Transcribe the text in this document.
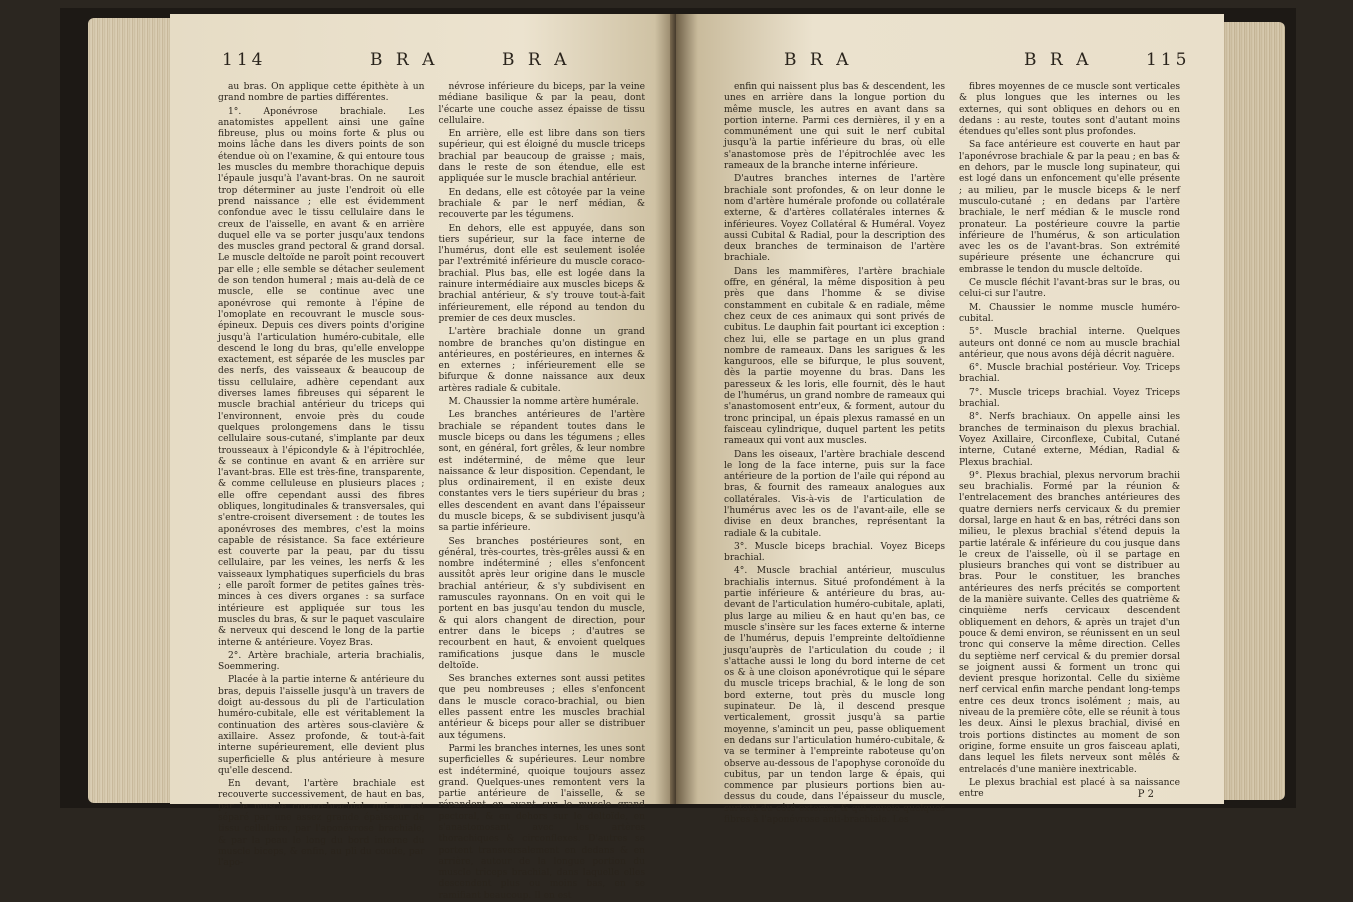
114	B R A	B R A

au bras. On applique cette épithète à un grand nombre de parties différentes.

1°. Aponévrose brachiale. Les anatomistes appellent ainsi une gaîne fibreuse, plus ou moins forte & plus ou moins lâche dans les divers points de son étendue où on l'examine, & qui entoure tous les muscles du membre thorachique depuis l'épaule jusqu'à l'avant-bras. On ne sauroit trop déterminer au juste l'endroit où elle prend naissance ; elle est évidemment confondue avec le tissu cellulaire dans le creux de l'aisselle, en avant & en arrière duquel elle va se porter jusqu'aux tendons des muscles grand pectoral & grand dorsal. Le muscle deltoïde ne paroît point recouvert par elle ; elle semble se détacher seulement de son tendon humeral ; mais au-delà de ce muscle, elle se continue avec une aponévrose qui remonte à l'épine de l'omoplate en recouvrant le muscle sous-épineux. Depuis ces divers points d'origine jusqu'à l'articulation huméro-cubitale, elle descend le long du bras, qu'elle enveloppe exactement, est séparée de les muscles par des nerfs, des vaisseaux & beaucoup de tissu cellulaire, adhère cependant aux diverses lames fibreuses qui séparent le muscle brachial antérieur du triceps qui l'environnent, envoie près du coude quelques prolongemens dans le tissu cellulaire sous-cutané, s'implante par deux trousseaux à l'épicondyle & à l'épitrochlée, & se continue en avant & en arrière sur l'avant-bras. Elle est très-fine, transparente, & comme celluleuse en plusieurs places ; elle offre cependant aussi des fibres obliques, longitudinales & transversales, qui s'entre-croisent diversement : de toutes les aponévroses des membres, c'est la moins capable de résistance. Sa face extérieure est couverte par la peau, par du tissu cellulaire, par les veines, les nerfs & les vaisseaux lymphatiques superficiels du bras ; elle paroît former de petites gaînes très-minces à ces divers organes : sa surface intérieure est appliquée sur tous les muscles du bras, & sur le paquet vasculaire & nerveux qui descend le long de la partie interne & antérieure. Voyez Bras.

2°. Artère brachiale, arteria brachialis, Soemmering.

Placée à la partie interne & antérieure du bras, depuis l'aisselle jusqu'à un travers de doigt au-dessous du pli de l'articulation huméro-cubitale, elle est véritablement la continuation des artères sous-clavière & axillaire. Assez profonde, & tout-à-fait interne supérieurement, elle devient plus superficielle & plus antérieure à mesure qu'elle descend.

En devant, l'artère brachiale est recouverte successivement, de haut en bas, par le muscle coraco-brachial, qui en est séparé par une assez grande épaisseur de tissu cellulaire, par l'aponévrose brachiale, & par la peau le long du bord interne du muscle biceps, & enfin, au pli du coude, par l'apo-

névrose inférieure du biceps, par la veine médiane basilique & par la peau, dont l'écarte une couche assez épaisse de tissu cellulaire.

En arrière, elle est libre dans son tiers supérieur, qui est éloigné du muscle triceps brachial par beaucoup de graisse ; mais, dans le reste de son étendue, elle est appliquée sur le muscle brachial antérieur.

En dedans, elle est côtoyée par la veine brachiale & par le nerf médian, & recouverte par les tégumens.

En dehors, elle est appuyée, dans son tiers supérieur, sur la face interne de l'humérus, dont elle est seulement isolée par l'extrémité inférieure du muscle coraco-brachial. Plus bas, elle est logée dans la rainure intermédiaire aux muscles biceps & brachial antérieur, & s'y trouve tout-à-fait inférieurement, elle répond au tendon du premier de ces deux muscles.

L'artère brachiale donne un grand nombre de branches qu'on distingue en antérieures, en postérieures, en internes & en externes ; inférieurement elle se bifurque & donne naissance aux deux artères radiale & cubitale.

M. Chaussier la nomme artère humérale.

Les branches antérieures de l'artère brachiale se répandent toutes dans le muscle biceps ou dans les tégumens ; elles sont, en général, fort grêles, & leur nombre est indéterminé, de même que leur naissance & leur disposition. Cependant, le plus ordinairement, il en existe deux constantes vers le tiers supérieur du bras ; elles descendent en avant dans l'épaisseur du muscle biceps, & se subdivisent jusqu'à sa partie inférieure.

Ses branches postérieures sont, en général, très-courtes, très-grêles aussi & en nombre indéterminé ; elles s'enfoncent aussitôt après leur origine dans le muscle brachial antérieur, & s'y subdivisent en ramuscules rayonnans. On en voit qui le portent en bas jusqu'au tendon du muscle, & qui alors changent de direction, pour entrer dans le biceps ; d'autres se recourbent en haut, & envoient quelques ramifications jusque dans le muscle deltoïde.

Ses branches externes sont aussi petites que peu nombreuses ; elles s'enfoncent dans le muscle coraco-brachial, ou bien elles passent entre les muscles brachial antérieur & biceps pour aller se distribuer aux tégumens.

Parmi les branches internes, les unes sont superficielles & supérieures. Leur nombre est indéterminé, quoique toujours assez grand. Quelques-unes remontent vers la partie antérieure de l'aisselle, & se répandent en avant sur le muscle grand pectoral, & en dehors sur le deltoïde, en s'anastomosant avec les artères thorachiques & circonflexes. D'autres se portent transversalement en dedans & en arrière, autour de la longue portion du muscle triceps brachial, dans laquelle elles descendent plus ou moins bas, en se ramifiant beaucoup. Il en est

B R A	B R A	115

enfin qui naissent plus bas & descendent, les unes en arrière dans la longue portion du même muscle, les autres en avant dans sa portion interne. Parmi ces dernières, il y en a communément une qui suit le nerf cubital jusqu'à la partie inférieure du bras, où elle s'anastomose près de l'épitrochlée avec les rameaux de la branche interne inférieure.

D'autres branches internes de l'artère brachiale sont profondes, & on leur donne le nom d'artère humérale profonde ou collatérale externe, & d'artères collatérales internes & inférieures. Voyez Collatéral & Huméral. Voyez aussi Cubital & Radial, pour la description des deux branches de terminaison de l'artère brachiale.

Dans les mammifères, l'artère brachiale offre, en général, la même disposition à peu près que dans l'homme & se divise constamment en cubitale & en radiale, même chez ceux de ces animaux qui sont privés de cubitus. Le dauphin fait pourtant ici exception : chez lui, elle se partage en un plus grand nombre de rameaux. Dans les sarigues & les kanguroos, elle se bifurque, le plus souvent, dès la partie moyenne du bras. Dans les paresseux & les loris, elle fournit, dès le haut de l'humérus, un grand nombre de rameaux qui s'anastomosent entr'eux, & forment, autour du tronc principal, un épais plexus ramassé en un faisceau cylindrique, duquel partent les petits rameaux qui vont aux muscles.

Dans les oiseaux, l'artère brachiale descend le long de la face interne, puis sur la face antérieure de la portion de l'aile qui répond au bras, & fournit des rameaux analogues aux collatérales. Vis-à-vis de l'articulation de l'humérus avec les os de l'avant-aile, elle se divise en deux branches, représentant la radiale & la cubitale.

3°. Muscle biceps brachial. Voyez Biceps brachial.

4°. Muscle brachial antérieur, musculus brachialis internus. Situé profondément à la partie inférieure & antérieure du bras, au-devant de l'articulation huméro-cubitale, aplati, plus large au milieu & en haut qu'en bas, ce muscle s'insère sur les faces externe & interne de l'humérus, depuis l'empreinte deltoïdienne jusqu'auprès de l'articulation du coude ; il s'attache aussi le long du bord interne de cet os & à une cloison aponévrotique qui le sépare du muscle triceps brachial, & le long de son bord externe, tout près du muscle long supinateur. De là, il descend presque verticalement, grossit jusqu'à sa partie moyenne, s'amincit un peu, passe obliquement en dedans sur l'articulation huméro-cubitale, & va se terminer à l'empreinte raboteuse qu'on observe au-dessous de l'apophyse coronoïde du cubitus, par un tendon large & épais, qui commence par plusieurs portions bien au-dessus du coude, dans l'épaisseur du muscle, surtout du côté externe, & qui envoie quelques fibres à l'aponévrose anti-brachiale. Les

fibres moyennes de ce muscle sont verticales & plus longues que les internes ou les externes, qui sont obliques en dehors ou en dedans : au reste, toutes sont d'autant moins étendues qu'elles sont plus profondes.

Sa face antérieure est couverte en haut par l'aponévrose brachiale & par la peau ; en bas & en dehors, par le muscle long supinateur, qui est logé dans un enfoncement qu'elle présente ; au milieu, par le muscle biceps & le nerf musculo-cutané ; en dedans par l'artère brachiale, le nerf médian & le muscle rond pronateur. La postérieure couvre la partie inférieure de l'humérus, & son articulation avec les os de l'avant-bras. Son extrémité supérieure présente une échancrure qui embrasse le tendon du muscle deltoïde.

Ce muscle fléchit l'avant-bras sur le bras, ou celui-ci sur l'autre.

M. Chaussier le nomme muscle huméro-cubital.

5°. Muscle brachial interne. Quelques auteurs ont donné ce nom au muscle brachial antérieur, que nous avons déjà décrit naguère.

6°. Muscle brachial postérieur. Voy. Triceps brachial.

7°. Muscle triceps brachial. Voyez Triceps brachial.

8°. Nerfs brachiaux. On appelle ainsi les branches de terminaison du plexus brachial. Voyez Axillaire, Circonflexe, Cubital, Cutané interne, Cutané externe, Médian, Radial & Plexus brachial.

9°. Plexus brachial, plexus nervorum brachii seu brachialis. Formé par la réunion & l'entrelacement des branches antérieures des quatre derniers nerfs cervicaux & du premier dorsal, large en haut & en bas, rétréci dans son milieu, le plexus brachial s'étend depuis la partie latérale & inférieure du cou jusque dans le creux de l'aisselle, où il se partage en plusieurs branches qui vont se distribuer au bras. Pour le constituer, les branches antérieures des nerfs précités se comportent de la manière suivante. Celles des quatrième & cinquième nerfs cervicaux descendent obliquement en dehors, & après un trajet d'un pouce & demi environ, se réunissent en un seul tronc qui conserve la même direction. Celles du septième nerf cervical & du premier dorsal se joignent aussi & forment un tronc qui devient presque horizontal. Celle du sixième nerf cervical enfin marche pendant long-temps entre ces deux troncs isolément ; mais, au niveau de la première côte, elle se réunit à tous les deux. Ainsi le plexus brachial, divisé en trois portions distinctes au moment de son origine, forme ensuite un gros faisceau aplati, dans lequel les filets nerveux sont mêlés & entrelacés d'une manière inextricable.

Le plexus brachial est placé à sa naissance entre	P 2
